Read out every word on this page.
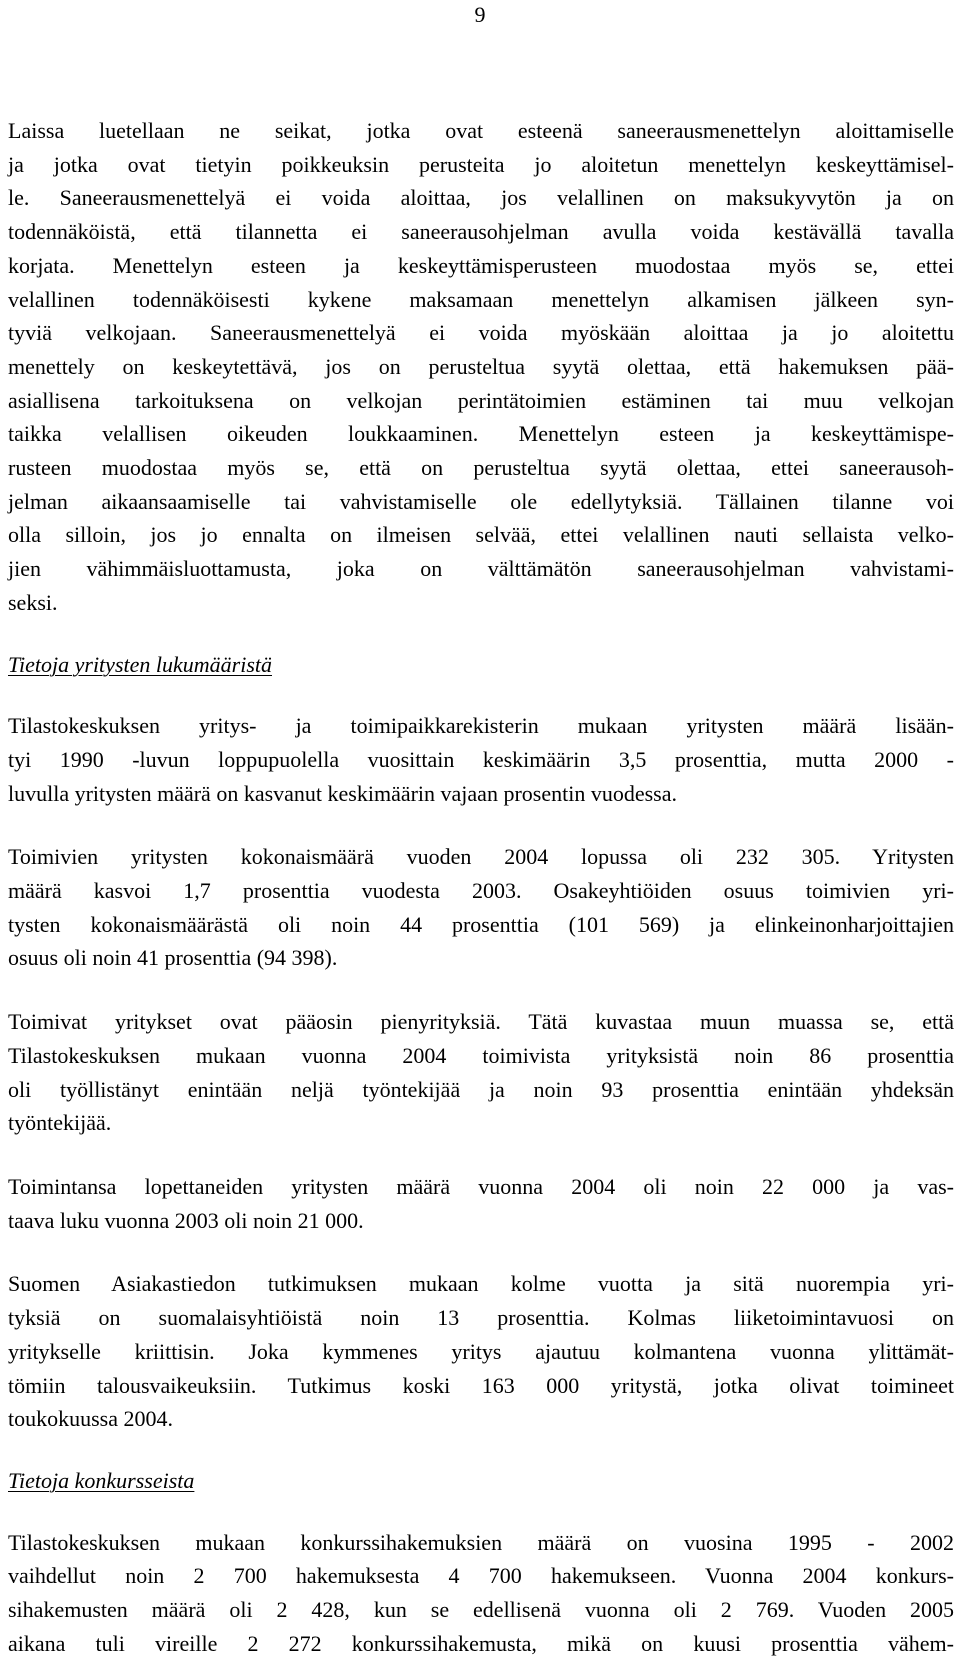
9
Laissa luetellaan ne seikat, jotka ovat esteenä saneerausmenettelyn aloittamiselle
ja jotka ovat tietyin poikkeuksin perusteita jo aloitetun menettelyn keskeyttämisel-
le. Saneerausmenettelyä ei voida aloittaa, jos velallinen on maksukyvytön ja on
todennäköistä, että tilannetta ei saneerausohjelman avulla voida kestävällä tavalla
korjata. Menettelyn esteen ja keskeyttämisperusteen muodostaa myös se, ettei
velallinen todennäköisesti kykene maksamaan menettelyn alkamisen jälkeen syn-
tyviä velkojaan. Saneerausmenettelyä ei voida myöskään aloittaa ja jo aloitettu
menettely on keskeytettävä, jos on perusteltua syytä olettaa, että hakemuksen pää-
asiallisena tarkoituksena on velkojan perintätoimien estäminen tai muu velkojan
taikka velallisen oikeuden loukkaaminen. Menettelyn esteen ja keskeyttämispe-
rusteen muodostaa myös se, että on perusteltua syytä olettaa, ettei saneerausoh-
jelman aikaansaamiselle tai vahvistamiselle ole edellytyksiä. Tällainen tilanne voi
olla silloin, jos jo ennalta on ilmeisen selvää, ettei velallinen nauti sellaista velko-
jien vähimmäisluottamusta, joka on välttämätön saneerausohjelman vahvistami-
seksi.
Tietoja yritysten lukumääristä
Tilastokeskuksen yritys- ja toimipaikkarekisterin mukaan yritysten määrä lisään-
tyi 1990 -luvun loppupuolella vuosittain keskimäärin 3,5 prosenttia, mutta 2000 -
luvulla yritysten määrä on kasvanut keskimäärin vajaan prosentin vuodessa.
Toimivien yritysten kokonaismäärä vuoden 2004 lopussa oli 232 305. Yritysten
määrä kasvoi 1,7 prosenttia vuodesta 2003. Osakeyhtiöiden osuus toimivien yri-
tysten kokonaismäärästä oli noin 44 prosenttia (101 569) ja elinkeinonharjoittajien
osuus oli noin 41 prosenttia (94 398).
Toimivat yritykset ovat pääosin pienyrityksiä. Tätä kuvastaa muun muassa se, että
Tilastokeskuksen mukaan vuonna 2004 toimivista yrityksistä noin 86 prosenttia
oli työllistänyt enintään neljä työntekijää ja noin 93 prosenttia enintään yhdeksän
työntekijää.
Toimintansa lopettaneiden yritysten määrä vuonna 2004 oli noin 22 000 ja vas-
taava luku vuonna 2003 oli noin 21 000.
Suomen Asiakastiedon tutkimuksen mukaan kolme vuotta ja sitä nuorempia yri-
tyksiä on suomalaisyhtiöistä noin 13 prosenttia. Kolmas liiketoimintavuosi on
yritykselle kriittisin. Joka kymmenes yritys ajautuu kolmantena vuonna ylittämät-
tömiin talousvaikeuksiin. Tutkimus koski 163 000 yritystä, jotka olivat toimineet
toukokuussa 2004.
Tietoja konkursseista
Tilastokeskuksen mukaan konkurssihakemuksien määrä on vuosina 1995 - 2002
vaihdellut noin 2 700 hakemuksesta 4 700 hakemukseen. Vuonna 2004 konkurs-
sihakemusten määrä oli 2 428, kun se edellisenä vuonna oli 2 769. Vuoden 2005
aikana tuli vireille 2 272 konkurssihakemusta, mikä on kuusi prosenttia vähem-
